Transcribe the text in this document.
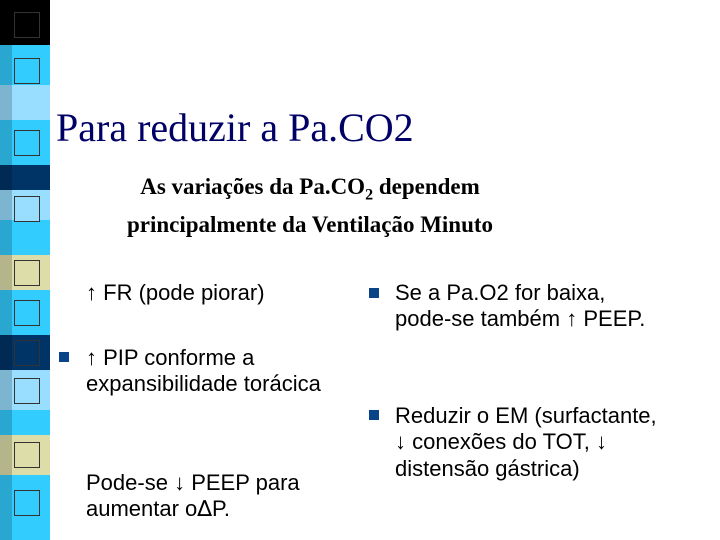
Para reduzir a Pa.CO2
As variações da $Pa.CO_2$ dependem
principalmente da Ventilação Minuto

↑ FR (pode piorar)

↑ PIP conforme a expansibilidade torácica

Pode-se ↓ PEEP para aumentar o∆P.

Se a Pa.O2 for baixa, pode-se também ↑ PEEP.

Reduzir o EM (surfactante, ↓ conexões do TOT, ↓ distensão gástrica)
